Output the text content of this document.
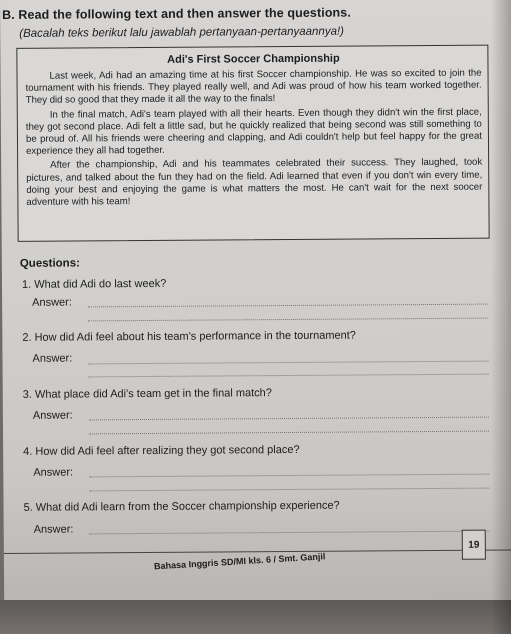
B. Read the following text and then answer the questions.
(Bacalah teks berikut lalu jawablah pertanyaan-pertanyaannya!)
Adi's First Soccer Championship

Last week, Adi had an amazing time at his first Soccer championship. He was so excited to join the tournament with his friends. They played really well, and Adi was proud of how his team worked together. They did so good that they made it all the way to the finals!

In the final match, Adi's team played with all their hearts. Even though they didn't win the first place, they got second place. Adi felt a little sad, but he quickly realized that being second was still something to be proud of. All his friends were cheering and clapping, and Adi couldn't help but feel happy for the great experience they all had together.

After the championship, Adi and his teammates celebrated their success. They laughed, took pictures, and talked about the fun they had on the field. Adi learned that even if you don't win every time, doing your best and enjoying the game is what matters the most. He can't wait for the next soocer adventure with his team!

Questions:
1. What did Adi do last week?
Answer:
2. How did Adi feel about his team's performance in the tournament?
Answer:
3. What place did Adi's team get in the final match?
Answer:
4. How did Adi feel after realizing they got second place?
Answer:
5. What did Adi learn from the Soccer championship experience?
Answer:
Bahasa Inggris SD/MI kls. 6 / Smt. Ganjil
19
